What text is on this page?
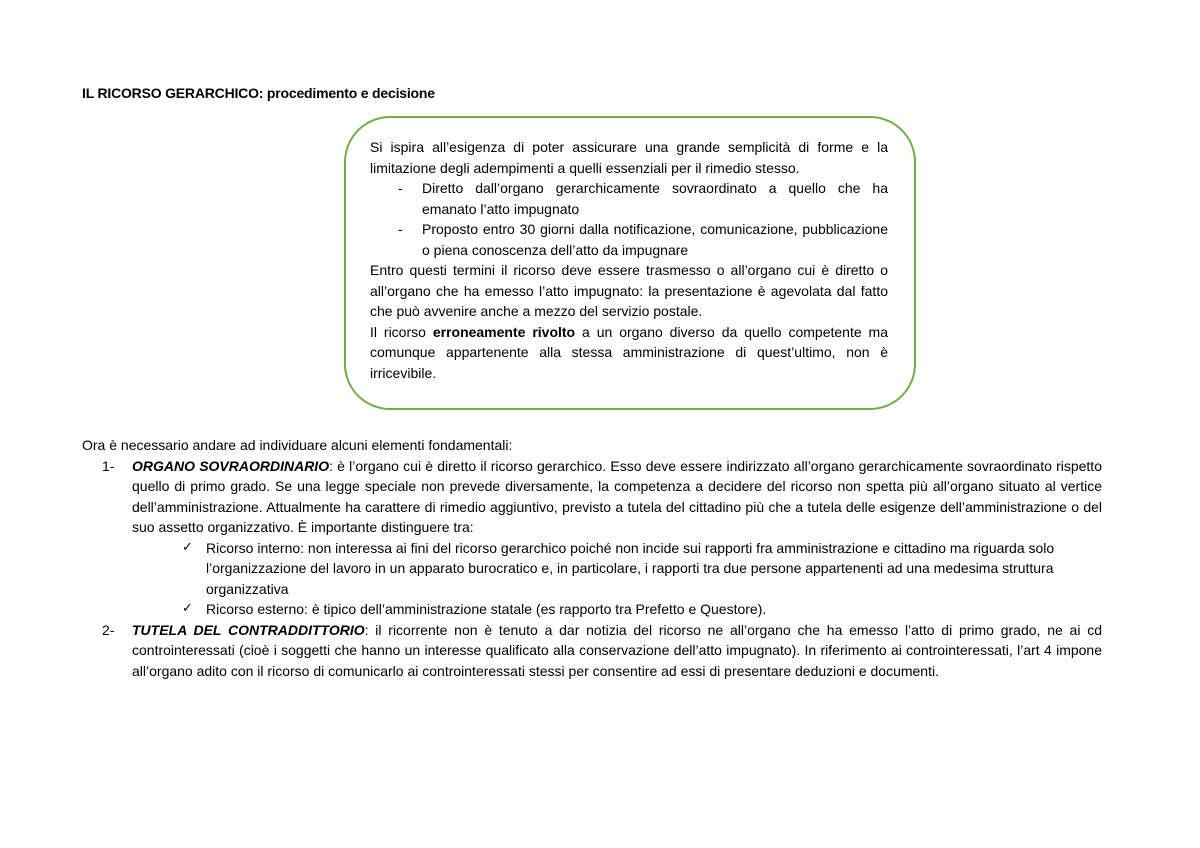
IL RICORSO GERARCHICO: procedimento e decisione

Si ispira all’esigenza di poter assicurare una grande semplicità di forme e la limitazione degli adempimenti a quelli essenziali per il rimedio stesso.

-	Diretto dall’organo gerarchicamente sovraordinato a quello che ha emanato l’atto impugnato
-	Proposto entro 30 giorni dalla notificazione, comunicazione, pubblicazione o piena conoscenza dell’atto da impugnare

Entro questi termini il ricorso deve essere trasmesso o all’organo cui è diretto o all’organo che ha emesso l’atto impugnato: la presentazione è agevolata dal fatto che può avvenire anche a mezzo del servizio postale.

Il ricorso erroneamente rivolto a un organo diverso da quello competente ma comunque appartenente alla stessa amministrazione di quest’ultimo, non è irricevibile.

Ora è necessario andare ad individuare alcuni elementi fondamentali:

1-	ORGANO SOVRAORDINARIO: è l’organo cui è diretto il ricorso gerarchico. Esso deve essere indirizzato all’organo gerarchicamente sovraordinato rispetto quello di primo grado. Se una legge speciale non prevede diversamente, la competenza a decidere del ricorso non spetta più all’organo situato al vertice dell’amministrazione. Attualmente ha carattere di rimedio aggiuntivo, previsto a tutela del cittadino più che a tutela delle esigenze dell’amministrazione o del suo assetto organizzativo. È importante distinguere tra:
✓ Ricorso interno: non interessa ai fini del ricorso gerarchico poiché non incide sui rapporti fra amministrazione e cittadino ma riguarda solo l’organizzazione del lavoro in un apparato burocratico e, in particolare, i rapporti tra due persone appartenenti ad una medesima struttura organizzativa
✓ Ricorso esterno: è tipico dell’amministrazione statale (es rapporto tra Prefetto e Questore).
2-	TUTELA DEL CONTRADDITTORIO: il ricorrente non è tenuto a dar notizia del ricorso ne all’organo che ha emesso l’atto di primo grado, ne ai cd controinteressati (cioè i soggetti che hanno un interesse qualificato alla conservazione dell’atto impugnato). In riferimento ai controinteressati, l’art 4 impone all’organo adito con il ricorso di comunicarlo ai controinteressati stessi per consentire ad essi di presentare deduzioni e documenti.
